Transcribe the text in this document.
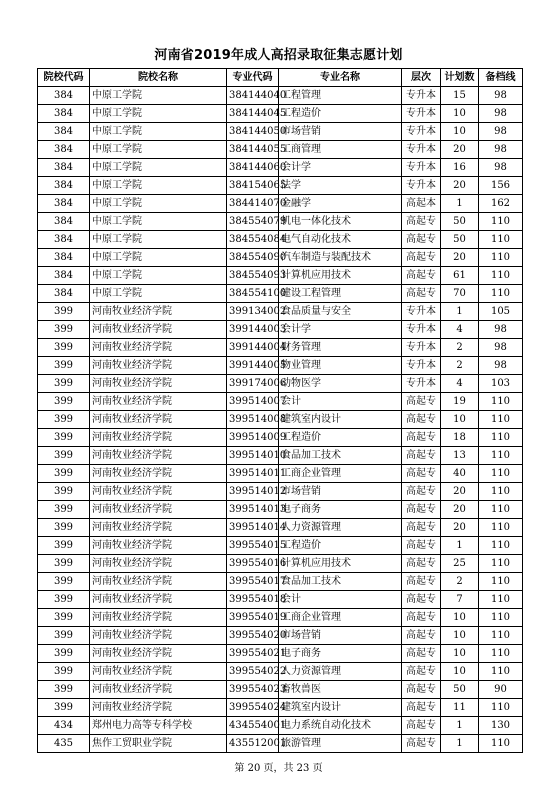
河南省2019年成人高招录取征集志愿计划
院校代码	院校名称	专业代码	专业名称	层次	计划数	备档线
384	中原工学院	384144040	工程管理	专升本	15	98
384	中原工学院	384144045	工程造价	专升本	10	98
384	中原工学院	384144050	市场营销	专升本	10	98
384	中原工学院	384144055	工商管理	专升本	20	98
384	中原工学院	384144060	会计学	专升本	16	98
384	中原工学院	384154065	法学	专升本	20	156
384	中原工学院	384414070	金融学	高起本	1	162
384	中原工学院	384554079	机电一体化技术	高起专	50	110
384	中原工学院	384554084	电气自动化技术	高起专	50	110
384	中原工学院	384554090	汽车制造与装配技术	高起专	20	110
384	中原工学院	384554093	计算机应用技术	高起专	61	110
384	中原工学院	384554100	建设工程管理	高起专	70	110
399	河南牧业经济学院	399134002	食品质量与安全	专升本	1	105
399	河南牧业经济学院	399144003	会计学	专升本	4	98
399	河南牧业经济学院	399144004	财务管理	专升本	2	98
399	河南牧业经济学院	399144005	物业管理	专升本	2	98
399	河南牧业经济学院	399174006	动物医学	专升本	4	103
399	河南牧业经济学院	399514007	会计	高起专	19	110
399	河南牧业经济学院	399514008	建筑室内设计	高起专	10	110
399	河南牧业经济学院	399514009	工程造价	高起专	18	110
399	河南牧业经济学院	399514010	食品加工技术	高起专	13	110
399	河南牧业经济学院	399514011	工商企业管理	高起专	40	110
399	河南牧业经济学院	399514012	市场营销	高起专	20	110
399	河南牧业经济学院	399514013	电子商务	高起专	20	110
399	河南牧业经济学院	399514014	人力资源管理	高起专	20	110
399	河南牧业经济学院	399554015	工程造价	高起专	1	110
399	河南牧业经济学院	399554016	计算机应用技术	高起专	25	110
399	河南牧业经济学院	399554017	食品加工技术	高起专	2	110
399	河南牧业经济学院	399554018	会计	高起专	7	110
399	河南牧业经济学院	399554019	工商企业管理	高起专	10	110
399	河南牧业经济学院	399554020	市场营销	高起专	10	110
399	河南牧业经济学院	399554021	电子商务	高起专	10	110
399	河南牧业经济学院	399554022	人力资源管理	高起专	10	110
399	河南牧业经济学院	399554023	畜牧兽医	高起专	50	90
399	河南牧业经济学院	399554024	建筑室内设计	高起专	11	110
434	郑州电力高等专科学校	434554001	电力系统自动化技术	高起专	1	130
435	焦作工贸职业学院	435512001	旅游管理	高起专	1	110
第 20 页，共 23 页
